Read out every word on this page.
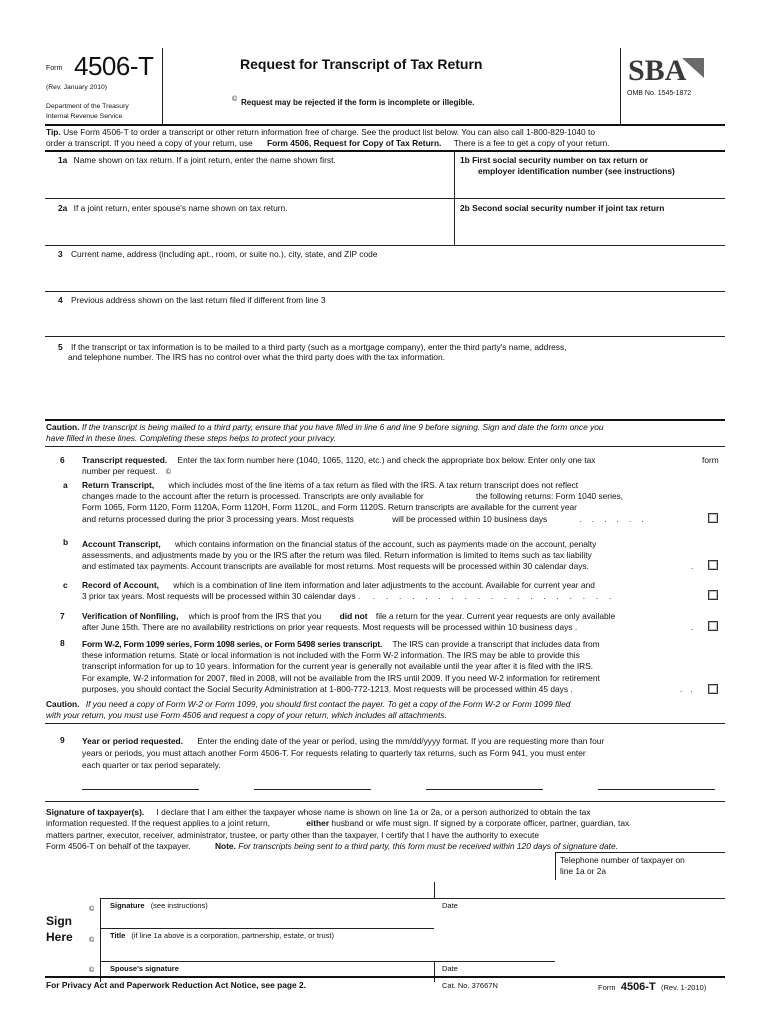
Form 4506-T
(Rev. January 2010)
Department of the Treasury
Internal Revenue Service
Request for Transcript of Tax Return
© Request may be rejected if the form is incomplete or illegible.
SBA
OMB No. 1545-1872
Tip. Use Form 4506-T to order a transcript or other return information free of charge. See the product list below. You can also call 1-800-829-1040 to
order a transcript. If you need a copy of your return, use Form 4506, Request for Copy of Tax Return. There is a fee to get a copy of your return.
1a Name shown on tax return. If a joint return, enter the name shown first.	1b First social security number on tax return or
employer identification number (see instructions)
2a If a joint return, enter spouse's name shown on tax return.	2b Second social security number if joint tax return
3 Current name, address (including apt., room, or suite no.), city, state, and ZIP code
4 Previous address shown on the last return filed if different from line 3
5 If the transcript or tax information is to be mailed to a third party (such as a mortgage company), enter the third party's name, address,
and telephone number. The IRS has no control over what the third party does with the tax information.
Caution. If the transcript is being mailed to a third party, ensure that you have filled in line 6 and line 9 before signing. Sign and date the form once you
have filled in these lines. Completing these steps helps to protect your privacy.
6 Transcript requested. Enter the tax form number here (1040, 1065, 1120, etc.) and check the appropriate box below. Enter only one tax	form
number per request. ©
a Return Transcript, which includes most of the line items of a tax return as filed with the IRS. A tax return transcript does not reflect
changes made to the account after the return is processed. Transcripts are only available for	the following returns: Form 1040 series,
Form 1065, Form 1120, Form 1120A, Form 1120H, Form 1120L, and Form 1120S. Return transcripts are available for the current year
and returns processed during the prior 3 processing years. Most requests	will be processed within 10 business days	......
b Account Transcript, which contains information on the financial status of the account, such as payments made on the account, penalty
assessments, and adjustments made by you or the IRS after the return was filed. Return information is limited to items such as tax liability
and estimated tax payments. Account transcripts are available for most returns. Most requests will be processed within 30 calendar days.	.
c Record of Account, which is a combination of line item information and later adjustments to the account. Available for current year and
3 prior tax years. Most requests will be processed within 30 calendar days . ...................
7 Verification of Nonfiling, which is proof from the IRS that you did not file a return for the year. Current year requests are only available
after June 15th. There are no availability restrictions on prior year requests. Most requests will be processed within 10 business days .	.
8 Form W-2, Form 1099 series, Form 1098 series, or Form 5498 series transcript. The IRS can provide a transcript that includes data from
these information returns. State or local information is not included with the Form W-2 information. The IRS may be able to provide this
transcript information for up to 10 years. Information for the current year is generally not available until the year after it is filed with the IRS.
For example, W-2 information for 2007, filed in 2008, will not be available from the IRS until 2009. If you need W-2 information for retirement
purposes, you should contact the Social Security Administration at 1-800-772-1213. Most requests will be processed within 45 days .	..
Caution. If you need a copy of Form W-2 or Form 1099, you should first contact the payer. To get a copy of the Form W-2 or Form 1099 filed
with your return, you must use Form 4506 and request a copy of your return, which includes all attachments.
9 Year or period requested. Enter the ending date of the year or period, using the mm/dd/yyyy format. If you are requesting more than four
years or periods, you must attach another Form 4506-T. For requests relating to quarterly tax returns, such as Form 941, you must enter
each quarter or tax period separately.
Signature of taxpayer(s). I declare that I am either the taxpayer whose name is shown on line 1a or 2a, or a person authorized to obtain the tax
information requested. If the request applies to a joint return,	either husband or wife must sign. If signed by a corporate officer, partner, guardian, tax
matters partner, executor, receiver, administrator, trustee, or party other than the taxpayer, I certify that I have the authority to execute
Form 4506-T on behalf of the taxpayer.	Note. For transcripts being sent to a third party, this form must be received within 120 days of signature date.
Telephone number of taxpayer on
line 1a or 2a
Sign
Here
© Signature (see instructions)	Date
©
Title (if line 1a above is a corporation, partnership, estate, or trust)
© Spouse's signature	Date
For Privacy Act and Paperwork Reduction Act Notice, see page 2.	Cat. No. 37667N	Form 4506-T (Rev. 1-2010)
